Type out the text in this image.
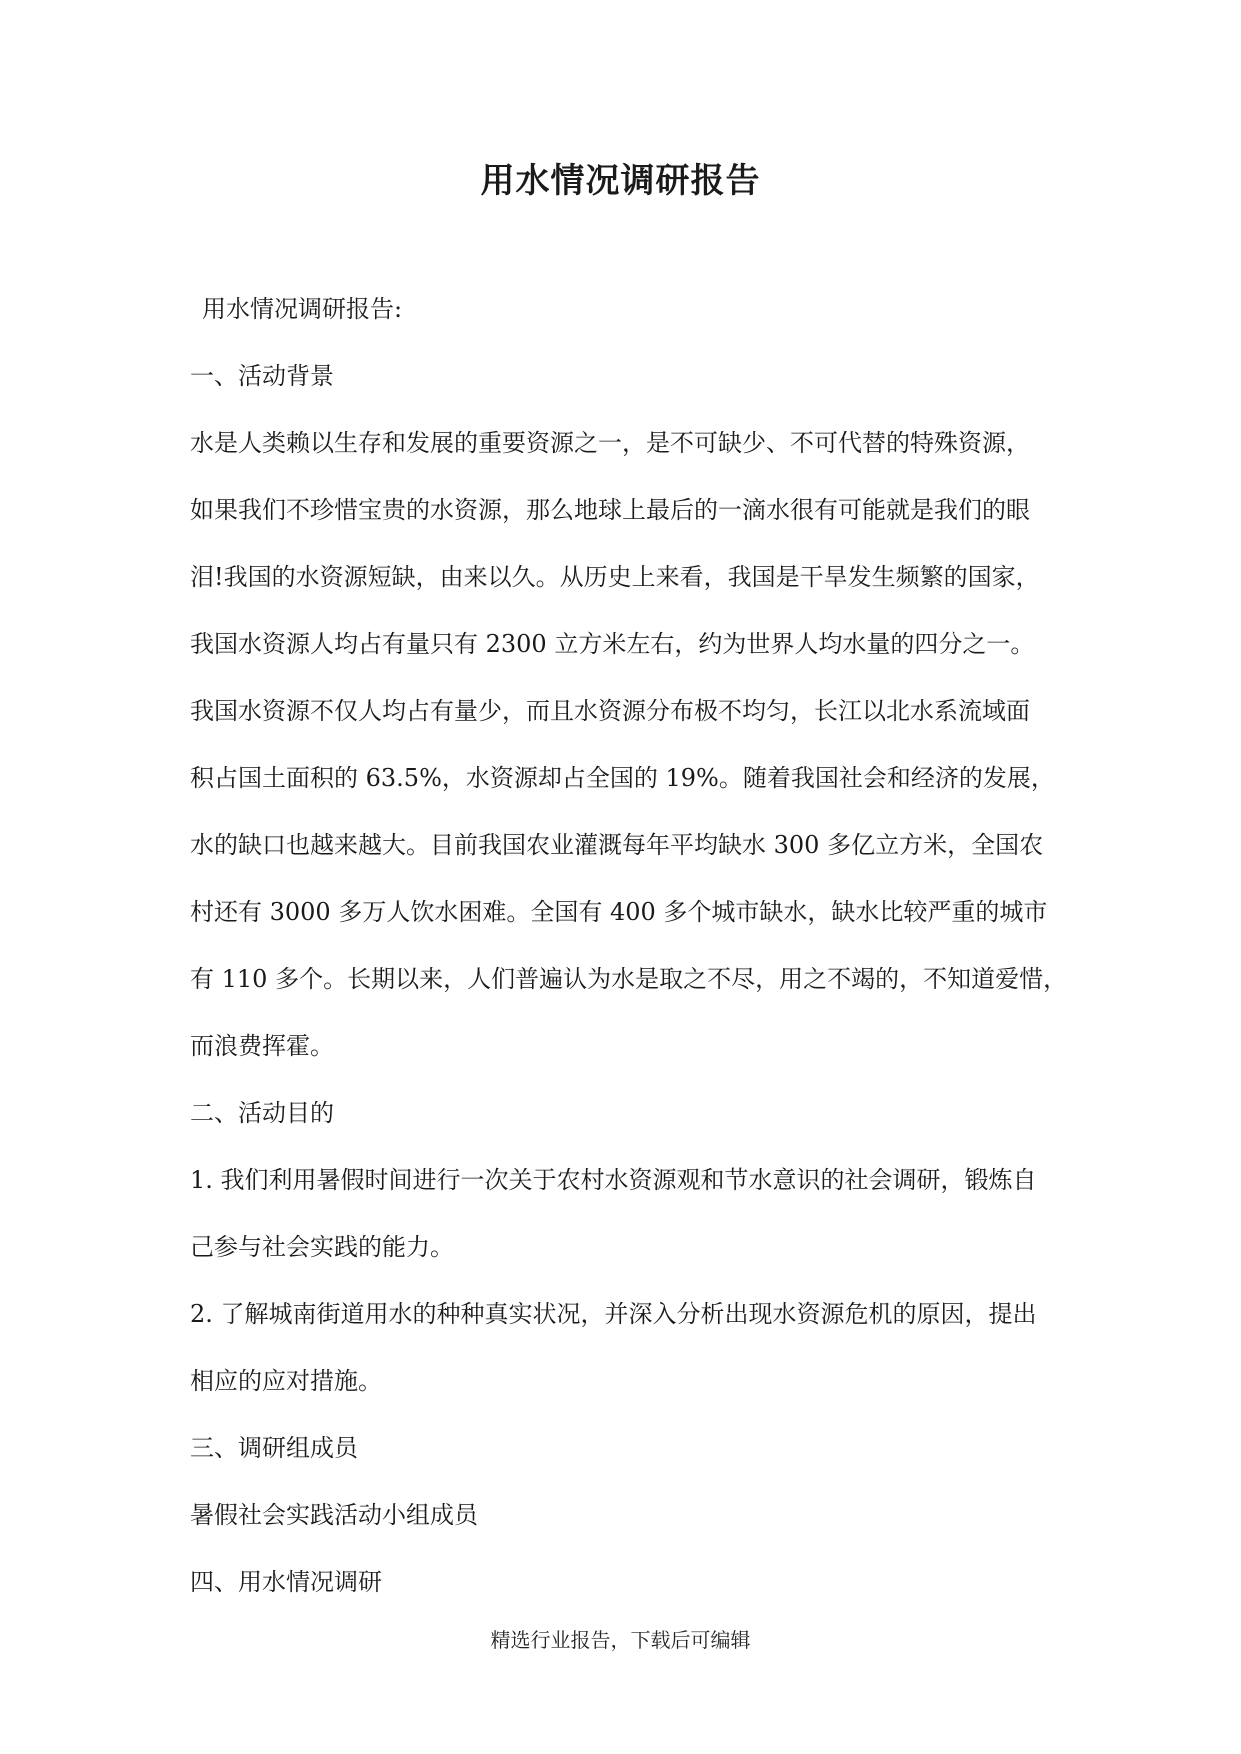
用水情况调研报告

用水情况调研报告:

一、活动背景

水是人类赖以生存和发展的重要资源之一，是不可缺少、不可代替的特殊资源，

如果我们不珍惜宝贵的水资源，那么地球上最后的一滴水很有可能就是我们的眼

泪!我国的水资源短缺，由来以久。从历史上来看，我国是干旱发生频繁的国家，

我国水资源人均占有量只有 2300 立方米左右，约为世界人均水量的四分之一。

我国水资源不仅人均占有量少，而且水资源分布极不均匀，长江以北水系流域面

积占国土面积的 63.5%，水资源却占全国的 19%。随着我国社会和经济的发展，

水的缺口也越来越大。目前我国农业灌溉每年平均缺水 300 多亿立方米，全国农

村还有 3000 多万人饮水困难。全国有 400 多个城市缺水，缺水比较严重的城市

有 110 多个。长期以来，人们普遍认为水是取之不尽，用之不竭的，不知道爱惜，

而浪费挥霍。

二、活动目的

1. 我们利用暑假时间进行一次关于农村水资源观和节水意识的社会调研，锻炼自

己参与社会实践的能力。

2. 了解城南街道用水的种种真实状况，并深入分析出现水资源危机的原因，提出

相应的应对措施。

三、调研组成员

暑假社会实践活动小组成员

四、用水情况调研

精选行业报告，下载后可编辑
